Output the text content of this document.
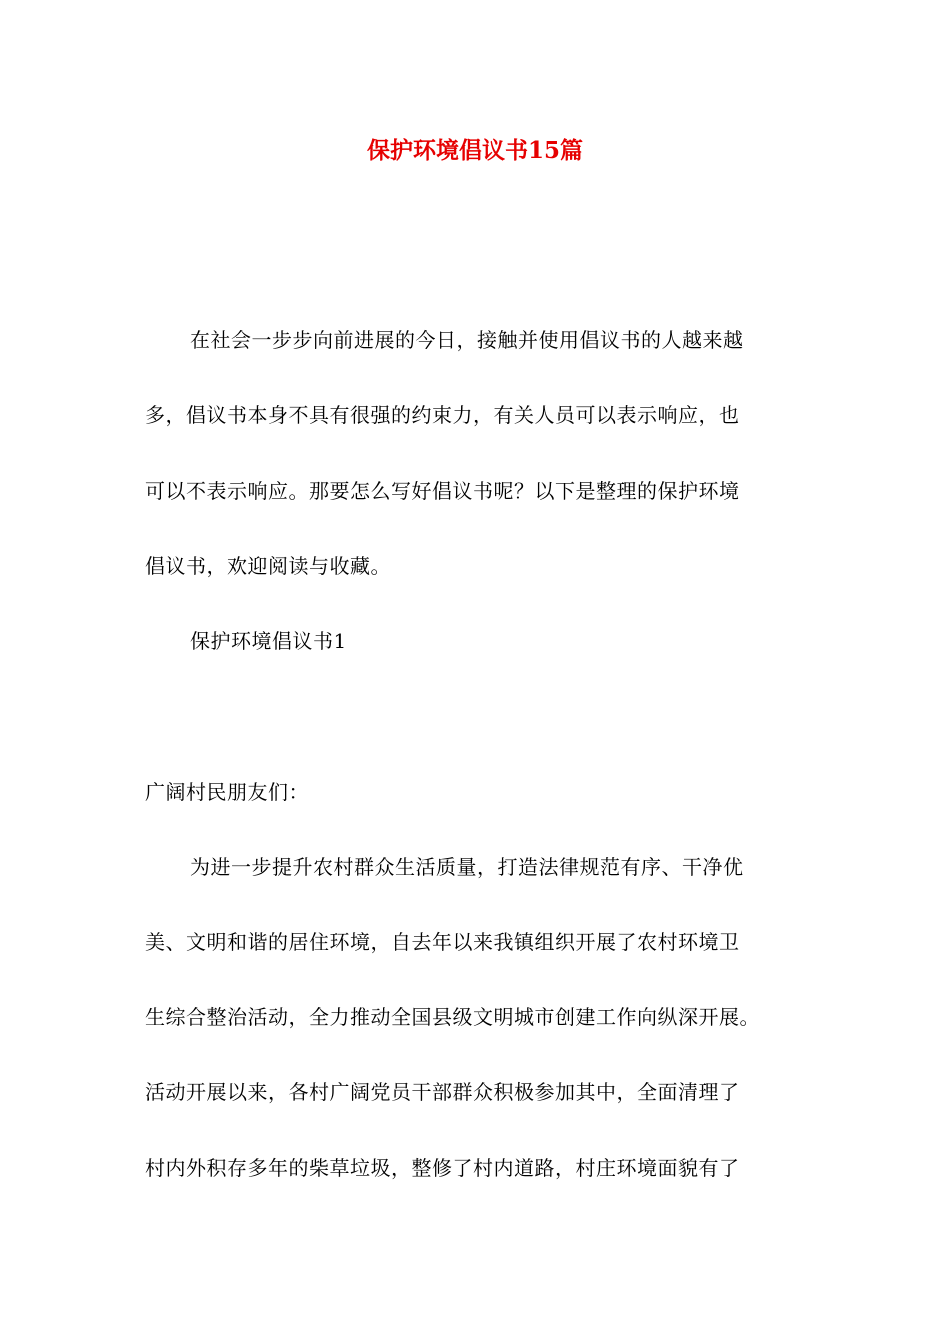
保护环境倡议书15篇
在社会一步步向前进展的今日，接触并使用倡议书的人越来越
多，倡议书本身不具有很强的约束力，有关人员可以表示响应，也
可以不表示响应。那要怎么写好倡议书呢？以下是整理的保护环境
倡议书，欢迎阅读与收藏。
保护环境倡议书1
广阔村民朋友们：
为进一步提升农村群众生活质量，打造法律规范有序、干净优
美、文明和谐的居住环境，自去年以来我镇组织开展了农村环境卫
生综合整治活动，全力推动全国县级文明城市创建工作向纵深开展。
活动开展以来，各村广阔党员干部群众积极参加其中，全面清理了
村内外积存多年的柴草垃圾，整修了村内道路，村庄环境面貌有了
